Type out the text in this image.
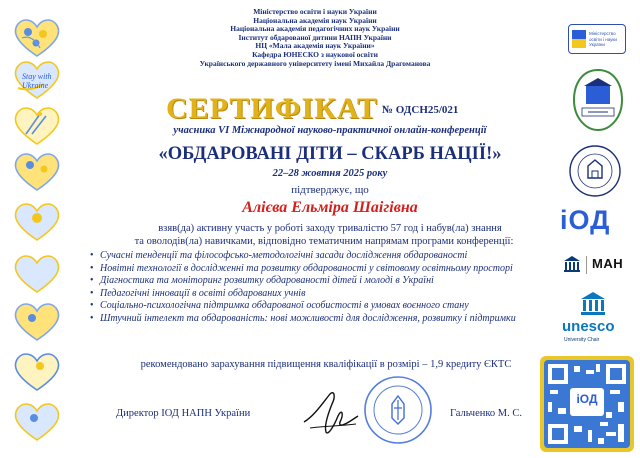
Stay with Ukraine
Міністерство освіти і науки України
Національна академія наук України
Національна академія педагогічних наук України
Інститут обдарованої дитини НАПН України
НЦ «Мала академія наук України»
Кафедра ЮНЕСКО з наукової освіти
Українського державного університету імені Михайла Драгоманова
СЕРТИФІКАТ № ОДСН25/021
учасника VI Міжнародної науково-практичної онлайн-конференції
«ОБДАРОВАНІ ДІТИ – СКАРБ НАЦІЇ!»
22–28 жовтня 2025 року
підтверджує, що
Алієва Ельміра Шаігівна
взяв(да) активну участь у роботі заходу тривалістю 57 год і набув(ла) знання
та оволодів(ла) навичками, відповідно тематичним напрямам програми конференції:
• Сучасні тенденції та філософсько-методологічні засади дослідження обдарованості
• Новітні технології в дослідженні та розвитку обдарованості у світовому освітньому просторі
• Діагностика та моніторинг розвитку обдарованості дітей і молоді в Україні
• Педагогічні інновації в освіті обдарованих учнів
• Соціально-психологічна підтримка обдарованої особистості в умовах воєнного стану
• Штучний інтелект та обдарованість: нові можливості для дослідження, розвитку і підтримки
рекомендовано зарахування підвищення кваліфікації в розмірі – 1,9 кредиту ЄКТС
Директор ІОД НАПН України	Гальченко М. С.
Міністерство освіти і науки України
іОД
МАН
unesco
University Chair
іОД
